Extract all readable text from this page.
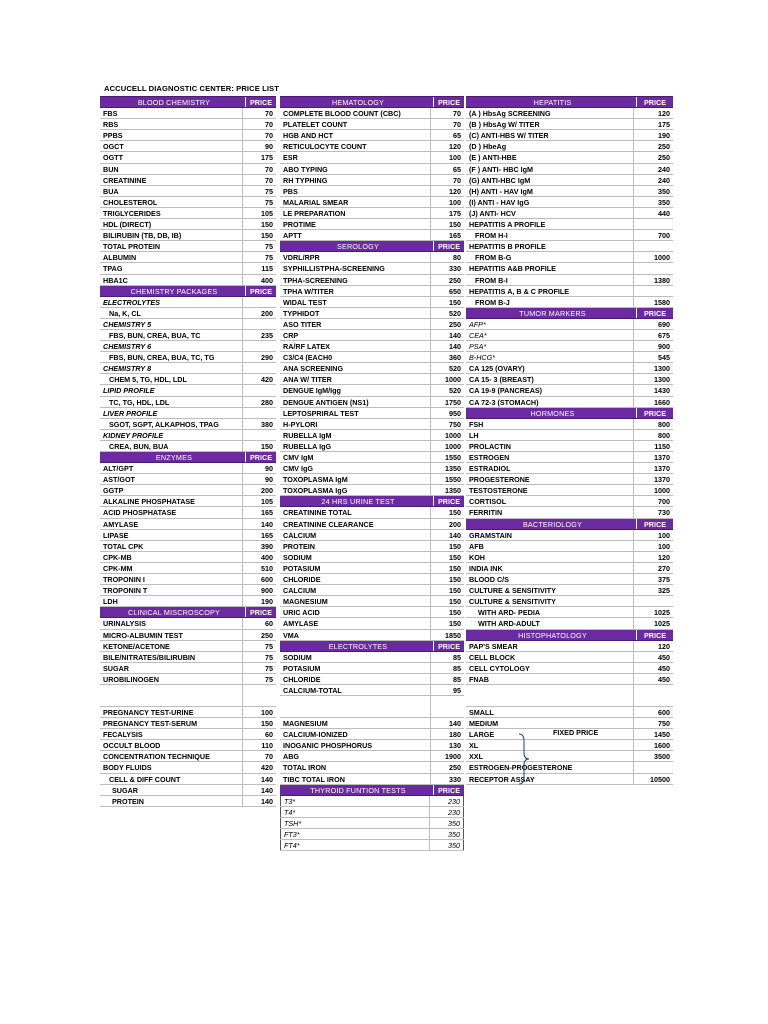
ACCUCELL DIAGNOSTIC CENTER: PRICE LIST
BLOOD CHEMISTRY	PRICE
FBS	70
RBS	70
PPBS	70
OGCT	90
OGTT	175
BUN	70
CREATININE	70
BUA	75
CHOLESTEROL	75
TRIGLYCERIDES	105
HDL (DIRECT)	150
BILIRUBIN (TB, DB, IB)	150
TOTAL PROTEIN	75
ALBUMIN	75
TPAG	115
HBA1C	400
CHEMISTRY PACKAGES	PRICE
ELECTROLYTES
Na, K, CL	200
CHEMISTRY 5
FBS, BUN, CREA, BUA, TC	235
CHEMISTRY 6
FBS, BUN, CREA, BUA, TC, TG	290
CHEMISTRY 8
CHEM 5, TG, HDL, LDL	420
LIPID PROFILE
TC, TG, HDL, LDL	280
LIVER PROFILE
SGOT, SGPT, ALKAPHOS, TPAG	380
KIDNEY PROFILE
CREA, BUN, BUA	150
ENZYMES	PRICE
ALT/GPT	90
AST/GOT	90
GGTP	200
ALKALINE PHOSPHATASE	105
ACID PHOSPHATASE	165
AMYLASE	140
LIPASE	165
TOTAL CPK	390
CPK-MB	400
CPK-MM	510
TROPONIN I	600
TROPONIN T	900
LDH	190
CLINICAL MISCROSCOPY	PRICE
URINALYSIS	60
MICRO-ALBUMIN TEST	250
KETONE/ACETONE	75
BILE/NITRATES/BILIRUBIN	75
SUGAR	75
UROBILINOGEN	75
PREGNANCY TEST-URINE	100
PREGNANCY TEST-SERUM	150
FECALYSIS	60
OCCULT BLOOD	110
CONCENTRATION TECHNIQUE	70
BODY FLUIDS	420
CELL & DIFF COUNT	140
SUGAR	140
PROTEIN	140
HEMATOLOGY	PRICE
COMPLETE BLOOD COUNT (CBC)	70
PLATELET COUNT	70
HGB AND HCT	65
RETICULOCYTE COUNT	120
ESR	100
ABO TYPING	65
RH TYPHING	70
PBS	120
MALARIAL SMEAR	100
LE PREPARATION	175
PROTIME	150
APTT	165
SEROLOGY	PRICE
VDRL/RPR	80
SYPHILLISTPHA-SCREENING	330
TPHA-SCREENING	250
TPHA W/TITER	650
WIDAL TEST	150
TYPHIDOT	520
ASO TITER	250
CRP	140
RA/RF LATEX	140
C3/C4 (EACH0	360
ANA SCREENING	520
ANA W/ TITER	1000
DENGUE IgM/Igg	520
DENGUE ANTIGEN (NS1)	1750
LEPTOSPRIRAL TEST	950
H-PYLORI	750
RUBELLA IgM	1000
RUBELLA IgG	1000
CMV IgM	1550
CMV IgG	1350
TOXOPLASMA IgM	1550
TOXOPLASMA IgG	1350
24 HRS URINE TEST	PRICE
CREATININE TOTAL	150
CREATININE CLEARANCE	200
CALCIUM	140
PROTEIN	150
SODIUM	150
POTASIUM	150
CHLORIDE	150
CALCIUM	150
MAGNESIUM	150
URIC ACID	150
AMYLASE	150
VMA	1850
ELECTROLYTES	PRICE
SODIUM	85
POTASIUM	85
CHLORIDE	85
CALCIUM-TOTAL	95
MAGNESIUM	140
CALCIUM-IONIZED	180
INOGANIC PHOSPHORUS	130
ABG	1900
TOTAL IRON	250
TIBC TOTAL IRON	330
THYROID FUNTION TESTS	PRICE
T3*	230
T4*	230
TSH*	350
FT3*	350
FT4*	350
HEPATITIS	PRICE
(A ) HbsAg SCREENING	120
(B ) HbsAg W/ TITER	175
(C) ANTI-HBS W/ TITER	190
(D ) HbeAg	250
(E ) ANTI-HBE	250
(F ) ANTI- HBC IgM	240
(G) ANTI-HBC IgM	240
(H) ANTI - HAV IgM	350
(I) ANTI - HAV IgG	350
(J) ANTI- HCV	440
HEPATITIS A PROFILE
FROM H-I	700
HEPATITIS B PROFILE
FROM B-G	1000
HEPATITIS A&B PROFILE
FROM B-I	1380
HEPATITIS A, B & C PROFILE
FROM B-J	1580
TUMOR MARKERS	PRICE
AFP*	690
CEA*	675
PSA*	900
B-HCG*	545
CA 125 (OVARY)	1300
CA 15- 3 (BREAST)	1300
CA 19-9 (PANCREAS)	1430
CA 72-3 (STOMACH)	1660
HORMONES	PRICE
FSH	800
LH	800
PROLACTIN	1150
ESTROGEN	1370
ESTRADIOL	1370
PROGESTERONE	1370
TESTOSTERONE	1000
CORTISOL	700
FERRITIN	730
BACTERIOLOGY	PRICE
GRAMSTAIN	100
AFB	100
KOH	120
INDIA INK	270
BLOOD C/S	375
CULTURE & SENSITIVITY	325
CULTURE & SENSITIVITY
WITH ARD- PEDIA	1025
WITH ARD-ADULT	1025
HISTOPHATOLOGY	PRICE
PAP'S SMEAR	120
CELL BLOCK	450
CELL CYTOLOGY	450
FNAB	450
SMALL	600
MEDIUM	750
LARGE	1450
XL	1600
XXL	3500
ESTROGEN-PROGESTERONE
RECEPTOR ASSAY	10500
FIXED PRICE
